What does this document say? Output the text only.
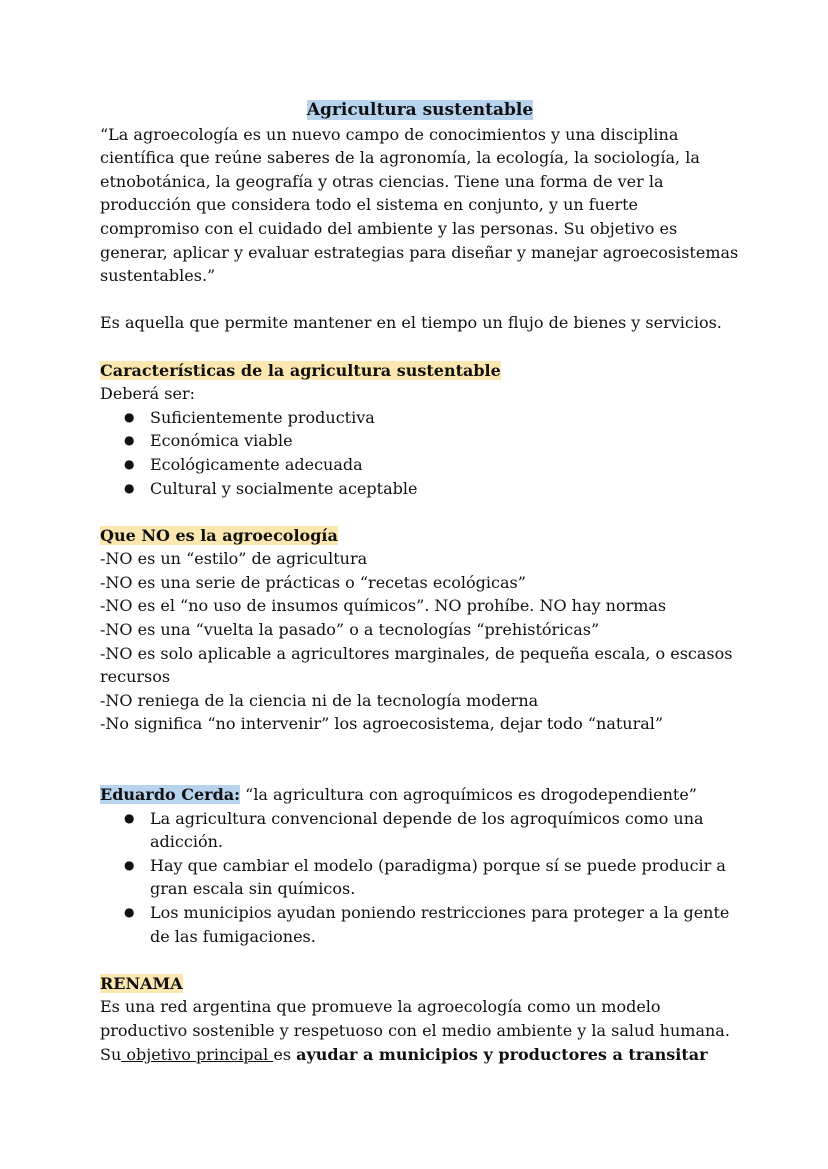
Agricultura sustentable

“La agroecología es un nuevo campo de conocimientos y una disciplina científica que reúne saberes de la agronomía, la ecología, la sociología, la etnobotánica, la geografía y otras ciencias. Tiene una forma de ver la producción que considera todo el sistema en conjunto, y un fuerte compromiso con el cuidado del ambiente y las personas. Su objetivo es generar, aplicar y evaluar estrategias para diseñar y manejar agroecosistemas sustentables.”

Es aquella que permite mantener en el tiempo un flujo de bienes y servicios.

Características de la agricultura sustentable

Deberá ser:

● Suficientemente productiva
● Económica viable
● Ecológicamente adecuada
● Cultural y socialmente aceptable

Que NO es la agroecología

-NO es un “estilo” de agricultura

-NO es una serie de prácticas o “recetas ecológicas”

-NO es el “no uso de insumos químicos”. NO prohíbe. NO hay normas

-NO es una “vuelta la pasado” o a tecnologías “prehistóricas”

-NO es solo aplicable a agricultores marginales, de pequeña escala, o escasos recursos

-NO reniega de la ciencia ni de la tecnología moderna

-No significa “no intervenir” los agroecosistema, dejar todo “natural”

Eduardo Cerda: “la agricultura con agroquímicos es drogodependiente”

● La agricultura convencional depende de los agroquímicos como una adicción.
● Hay que cambiar el modelo (paradigma) porque sí se puede producir a gran escala sin químicos.
● Los municipios ayudan poniendo restricciones para proteger a la gente de las fumigaciones.

RENAMA

Es una red argentina que promueve la agroecología como un modelo productivo sostenible y respetuoso con el medio ambiente y la salud humana.

Su objetivo principal es ayudar a municipios y productores a transitar
